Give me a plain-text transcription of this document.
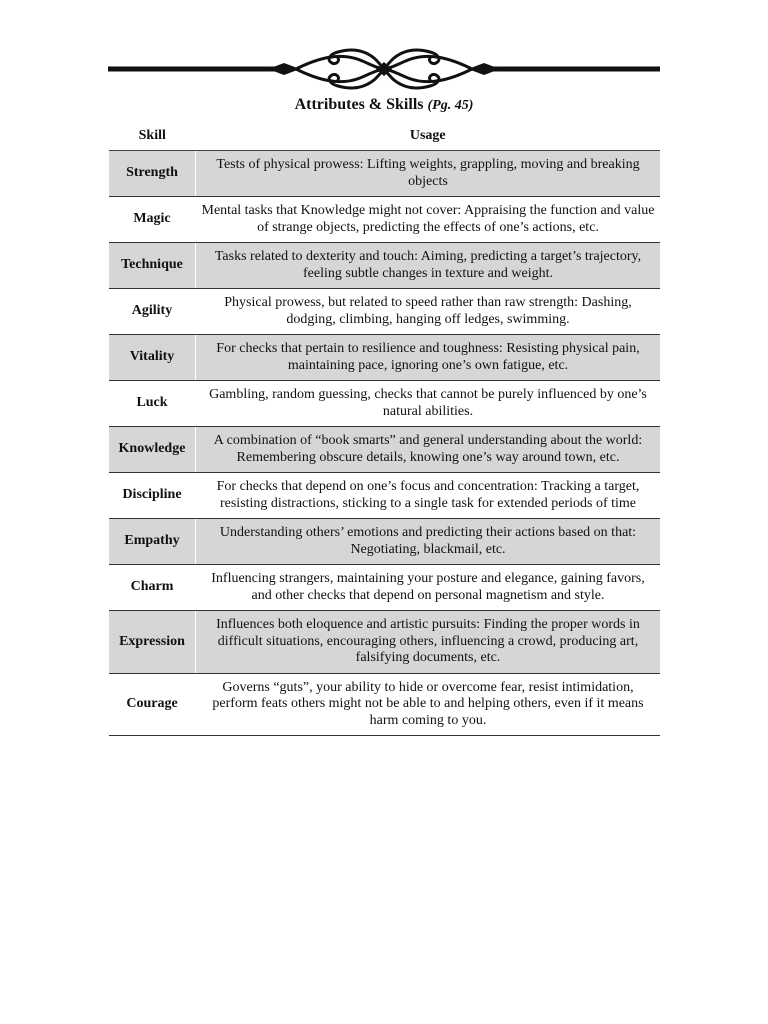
Attributes & Skills (Pg. 45)
Skill	Usage
Strength	Tests of physical prowess: Lifting weights, grappling, moving and breaking objects
Magic	Mental tasks that Knowledge might not cover: Appraising the function and value of strange objects, predicting the effects of one’s actions, etc.
Technique	Tasks related to dexterity and touch: Aiming, predicting a target’s trajectory, feeling subtle changes in texture and weight.
Agility	Physical prowess, but related to speed rather than raw strength: Dashing, dodging, climbing, hanging off ledges, swimming.
Vitality	For checks that pertain to resilience and toughness: Resisting physical pain, maintaining pace, ignoring one’s own fatigue, etc.
Luck	Gambling, random guessing, checks that cannot be purely influenced by one’s natural abilities.
Knowledge	A combination of “book smarts” and general understanding about the world: Remembering obscure details, knowing one’s way around town, etc.
Discipline	For checks that depend on one’s focus and concentration: Tracking a target, resisting distractions, sticking to a single task for extended periods of time
Empathy	Understanding others’ emotions and predicting their actions based on that: Negotiating, blackmail, etc.
Charm	Influencing strangers, maintaining your posture and elegance, gaining favors, and other checks that depend on personal magnetism and style.
Expression	Influences both eloquence and artistic pursuits: Finding the proper words in difficult situations, encouraging others, influencing a crowd, producing art, falsifying documents, etc.
Courage	Governs “guts”, your ability to hide or overcome fear, resist intimidation, perform feats others might not be able to and helping others, even if it means harm coming to you.
